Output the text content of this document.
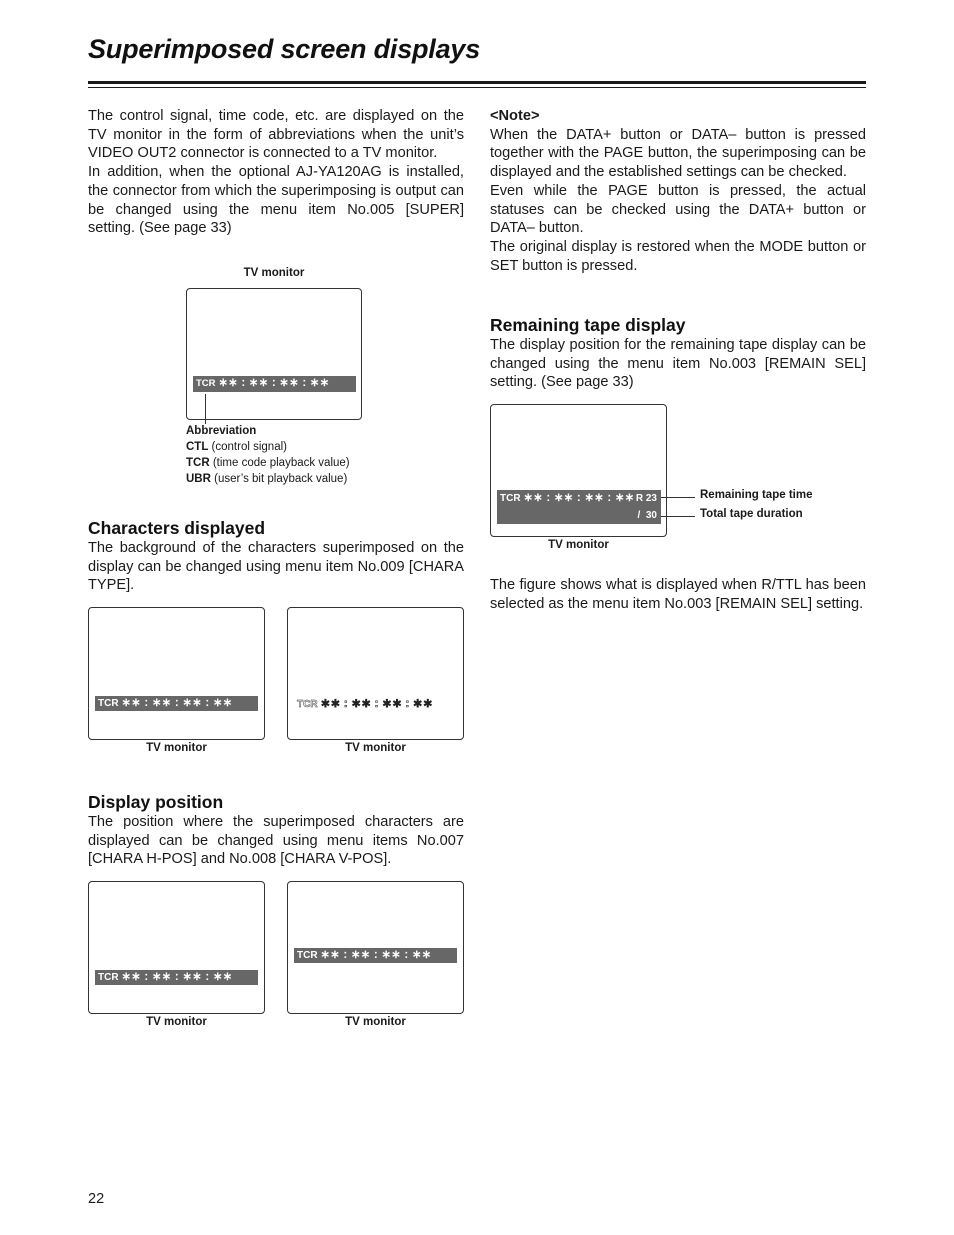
Superimposed screen displays

The control signal, time code, etc. are displayed on the TV monitor in the form of abbreviations when the unit’s VIDEO OUT2 connector is connected to a TV monitor.

In addition, when the optional AJ-YA120AG is installed, the connector from which the superimposing is output can be changed using the menu item No.005 [SUPER] setting. (See page 33)

TV monitor
TCR ∗∗ : ∗∗ : ∗∗ : ∗∗
Abbreviation
CTL (control signal)
TCR (time code playback value)
UBR (user’s bit playback value)
Characters displayed

The background of the characters superimposed on the display can be changed using menu item No.009 [CHARA TYPE].

TCR ∗∗ : ∗∗ : ∗∗ : ∗∗
TV monitor
TCR ∗∗ : ∗∗ : ∗∗ : ∗∗
TV monitor
Display position

The position where the superimposed characters are displayed can be changed using menu items No.007 [CHARA H-POS] and No.008 [CHARA V-POS].

TCR ∗∗ : ∗∗ : ∗∗ : ∗∗
TV monitor
TCR ∗∗ : ∗∗ : ∗∗ : ∗∗
TV monitor
<Note>

When the DATA+ button or DATA– button is pressed together with the PAGE button, the superimposing can be displayed and the established settings can be checked.

Even while the PAGE button is pressed, the actual statuses can be checked using the DATA+ button or DATA– button.

The original display is restored when the MODE button or SET button is pressed.

Remaining tape display

The display position for the remaining tape display can be changed using the menu item No.003 [REMAIN SEL] setting. (See page 33)

TCR ∗∗ : ∗∗ : ∗∗ : ∗∗ R 23
/  30
TV monitor
Remaining tape time
Total tape duration

The figure shows what is displayed when R/TTL has been selected as the menu item No.003 [REMAIN SEL] setting.

22
